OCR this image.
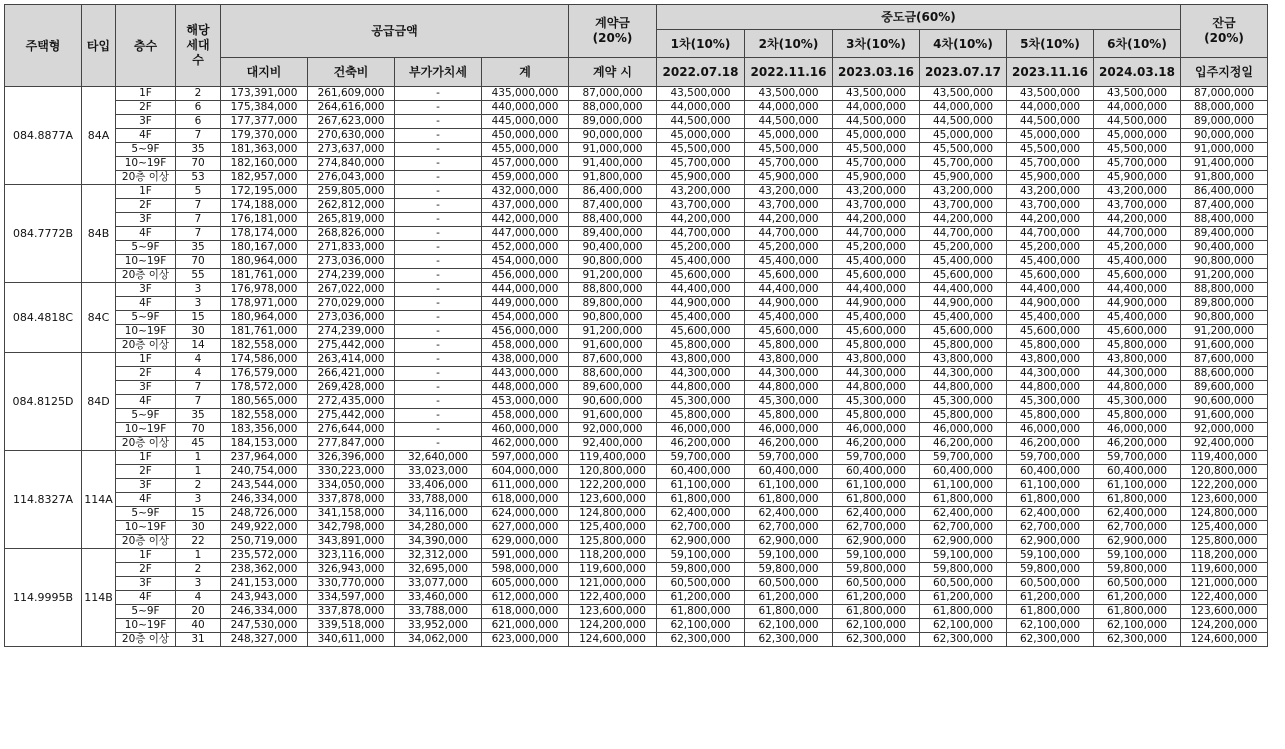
주택형	타입	층수	해당 세대수	공급금액				계약금 (20%)	중도금(60%)						잔금 (20%)
									1차(10%)	2차(10%)	3차(10%)	4차(10%)	5차(10%)	6차(10%)	
				대지비	건축비	부가가치세	계	계약 시	2022.07.18	2022.11.16	2023.03.16	2023.07.17	2023.11.16	2024.03.18	입주지정일
084.8877A	84A	1F	2	173,391,000	261,609,000	-	435,000,000	87,000,000	43,500,000	43,500,000	43,500,000	43,500,000	43,500,000	43,500,000	87,000,000
		2F	6	175,384,000	264,616,000	-	440,000,000	88,000,000	44,000,000	44,000,000	44,000,000	44,000,000	44,000,000	44,000,000	88,000,000
		3F	6	177,377,000	267,623,000	-	445,000,000	89,000,000	44,500,000	44,500,000	44,500,000	44,500,000	44,500,000	44,500,000	89,000,000
		4F	7	179,370,000	270,630,000	-	450,000,000	90,000,000	45,000,000	45,000,000	45,000,000	45,000,000	45,000,000	45,000,000	90,000,000
		5~9F	35	181,363,000	273,637,000	-	455,000,000	91,000,000	45,500,000	45,500,000	45,500,000	45,500,000	45,500,000	45,500,000	91,000,000
		10~19F	70	182,160,000	274,840,000	-	457,000,000	91,400,000	45,700,000	45,700,000	45,700,000	45,700,000	45,700,000	45,700,000	91,400,000
		20층 이상	53	182,957,000	276,043,000	-	459,000,000	91,800,000	45,900,000	45,900,000	45,900,000	45,900,000	45,900,000	45,900,000	91,800,000
084.7772B	84B	1F	5	172,195,000	259,805,000	-	432,000,000	86,400,000	43,200,000	43,200,000	43,200,000	43,200,000	43,200,000	43,200,000	86,400,000
		2F	7	174,188,000	262,812,000	-	437,000,000	87,400,000	43,700,000	43,700,000	43,700,000	43,700,000	43,700,000	43,700,000	87,400,000
		3F	7	176,181,000	265,819,000	-	442,000,000	88,400,000	44,200,000	44,200,000	44,200,000	44,200,000	44,200,000	44,200,000	88,400,000
		4F	7	178,174,000	268,826,000	-	447,000,000	89,400,000	44,700,000	44,700,000	44,700,000	44,700,000	44,700,000	44,700,000	89,400,000
		5~9F	35	180,167,000	271,833,000	-	452,000,000	90,400,000	45,200,000	45,200,000	45,200,000	45,200,000	45,200,000	45,200,000	90,400,000
		10~19F	70	180,964,000	273,036,000	-	454,000,000	90,800,000	45,400,000	45,400,000	45,400,000	45,400,000	45,400,000	45,400,000	90,800,000
		20층 이상	55	181,761,000	274,239,000	-	456,000,000	91,200,000	45,600,000	45,600,000	45,600,000	45,600,000	45,600,000	45,600,000	91,200,000
084.4818C	84C	3F	3	176,978,000	267,022,000	-	444,000,000	88,800,000	44,400,000	44,400,000	44,400,000	44,400,000	44,400,000	44,400,000	88,800,000
		4F	3	178,971,000	270,029,000	-	449,000,000	89,800,000	44,900,000	44,900,000	44,900,000	44,900,000	44,900,000	44,900,000	89,800,000
		5~9F	15	180,964,000	273,036,000	-	454,000,000	90,800,000	45,400,000	45,400,000	45,400,000	45,400,000	45,400,000	45,400,000	90,800,000
		10~19F	30	181,761,000	274,239,000	-	456,000,000	91,200,000	45,600,000	45,600,000	45,600,000	45,600,000	45,600,000	45,600,000	91,200,000
		20층 이상	14	182,558,000	275,442,000	-	458,000,000	91,600,000	45,800,000	45,800,000	45,800,000	45,800,000	45,800,000	45,800,000	91,600,000
084.8125D	84D	1F	4	174,586,000	263,414,000	-	438,000,000	87,600,000	43,800,000	43,800,000	43,800,000	43,800,000	43,800,000	43,800,000	87,600,000
		2F	4	176,579,000	266,421,000	-	443,000,000	88,600,000	44,300,000	44,300,000	44,300,000	44,300,000	44,300,000	44,300,000	88,600,000
		3F	7	178,572,000	269,428,000	-	448,000,000	89,600,000	44,800,000	44,800,000	44,800,000	44,800,000	44,800,000	44,800,000	89,600,000
		4F	7	180,565,000	272,435,000	-	453,000,000	90,600,000	45,300,000	45,300,000	45,300,000	45,300,000	45,300,000	45,300,000	90,600,000
		5~9F	35	182,558,000	275,442,000	-	458,000,000	91,600,000	45,800,000	45,800,000	45,800,000	45,800,000	45,800,000	45,800,000	91,600,000
		10~19F	70	183,356,000	276,644,000	-	460,000,000	92,000,000	46,000,000	46,000,000	46,000,000	46,000,000	46,000,000	46,000,000	92,000,000
		20층 이상	45	184,153,000	277,847,000	-	462,000,000	92,400,000	46,200,000	46,200,000	46,200,000	46,200,000	46,200,000	46,200,000	92,400,000
114.8327A	114A	1F	1	237,964,000	326,396,000	32,640,000	597,000,000	119,400,000	59,700,000	59,700,000	59,700,000	59,700,000	59,700,000	59,700,000	119,400,000
		2F	1	240,754,000	330,223,000	33,023,000	604,000,000	120,800,000	60,400,000	60,400,000	60,400,000	60,400,000	60,400,000	60,400,000	120,800,000
		3F	2	243,544,000	334,050,000	33,406,000	611,000,000	122,200,000	61,100,000	61,100,000	61,100,000	61,100,000	61,100,000	61,100,000	122,200,000
		4F	3	246,334,000	337,878,000	33,788,000	618,000,000	123,600,000	61,800,000	61,800,000	61,800,000	61,800,000	61,800,000	61,800,000	123,600,000
		5~9F	15	248,726,000	341,158,000	34,116,000	624,000,000	124,800,000	62,400,000	62,400,000	62,400,000	62,400,000	62,400,000	62,400,000	124,800,000
		10~19F	30	249,922,000	342,798,000	34,280,000	627,000,000	125,400,000	62,700,000	62,700,000	62,700,000	62,700,000	62,700,000	62,700,000	125,400,000
		20층 이상	22	250,719,000	343,891,000	34,390,000	629,000,000	125,800,000	62,900,000	62,900,000	62,900,000	62,900,000	62,900,000	62,900,000	125,800,000
114.9995B	114B	1F	1	235,572,000	323,116,000	32,312,000	591,000,000	118,200,000	59,100,000	59,100,000	59,100,000	59,100,000	59,100,000	59,100,000	118,200,000
		2F	2	238,362,000	326,943,000	32,695,000	598,000,000	119,600,000	59,800,000	59,800,000	59,800,000	59,800,000	59,800,000	59,800,000	119,600,000
		3F	3	241,153,000	330,770,000	33,077,000	605,000,000	121,000,000	60,500,000	60,500,000	60,500,000	60,500,000	60,500,000	60,500,000	121,000,000
		4F	4	243,943,000	334,597,000	33,460,000	612,000,000	122,400,000	61,200,000	61,200,000	61,200,000	61,200,000	61,200,000	61,200,000	122,400,000
		5~9F	20	246,334,000	337,878,000	33,788,000	618,000,000	123,600,000	61,800,000	61,800,000	61,800,000	61,800,000	61,800,000	61,800,000	123,600,000
		10~19F	40	247,530,000	339,518,000	33,952,000	621,000,000	124,200,000	62,100,000	62,100,000	62,100,000	62,100,000	62,100,000	62,100,000	124,200,000
		20층 이상	31	248,327,000	340,611,000	34,062,000	623,000,000	124,600,000	62,300,000	62,300,000	62,300,000	62,300,000	62,300,000	62,300,000	124,600,000
